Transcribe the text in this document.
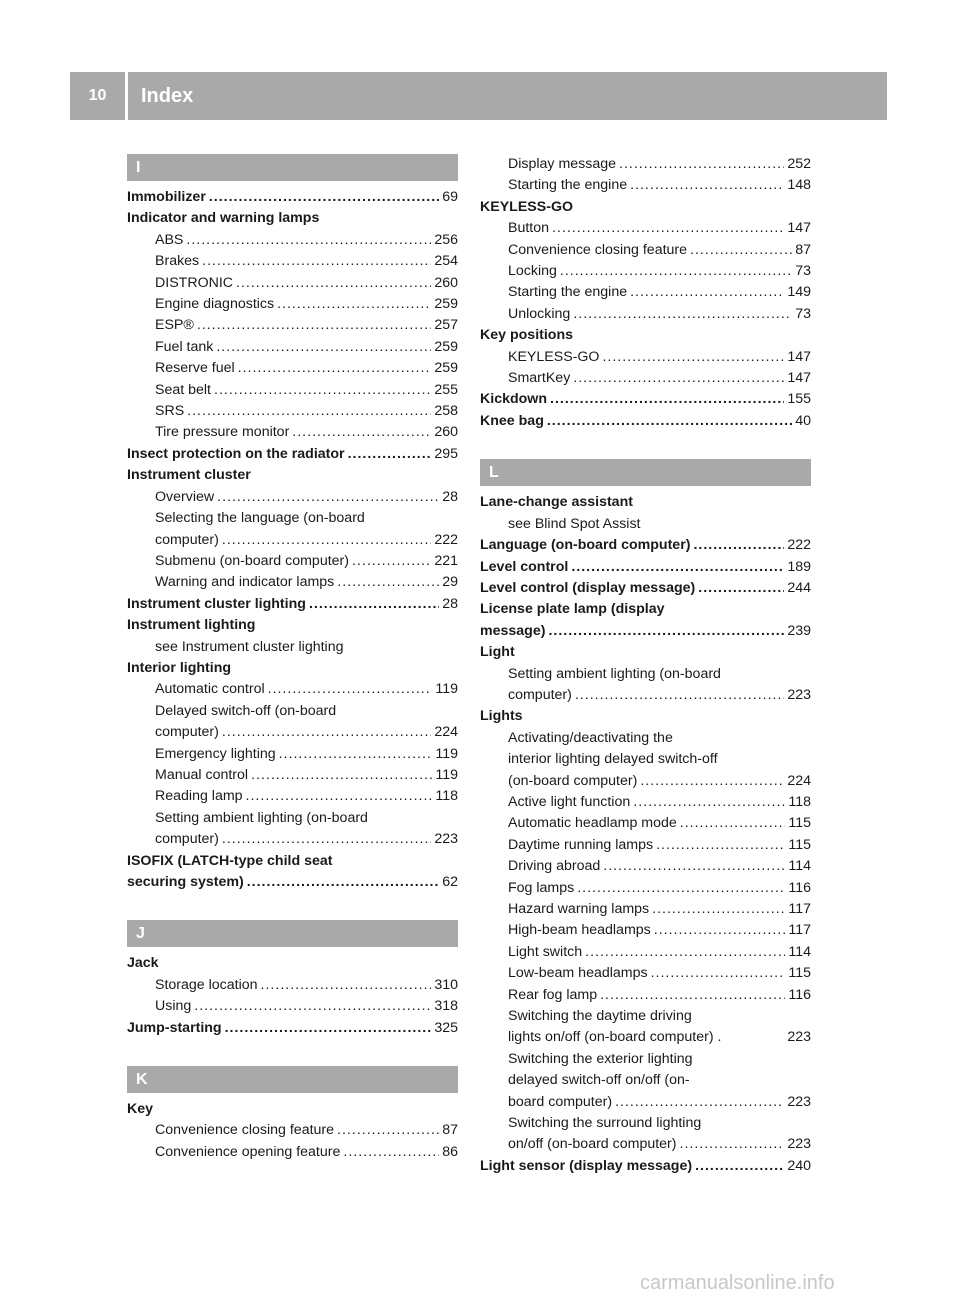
10	Index
I
Immobilizer .....	69
Indicator and warning lamps
ABS .....	256
Brakes .....	254
DISTRONIC .....	260
Engine diagnostics .....	259
ESP® .....	257
Fuel tank .....	259
Reserve fuel .....	259
Seat belt .....	255
SRS .....	258
Tire pressure monitor .....	260
Insect protection on the radiator .....	295
Instrument cluster
Overview .....	28
Selecting the language (on-board
computer) .....	222
Submenu (on-board computer) .....	221
Warning and indicator lamps .....	29
Instrument cluster lighting .....	28
Instrument lighting
see Instrument cluster lighting
Interior lighting
Automatic control .....	119
Delayed switch-off (on-board
computer) .....	224
Emergency lighting .....	119
Manual control .....	119
Reading lamp .....	118
Setting ambient lighting (on-board
computer) .....	223
ISOFIX (LATCH-type child seat
securing system) .....	62
J
Jack
Storage location .....	310
Using .....	318
Jump-starting .....	325
K
Key
Convenience closing feature .....	87
Convenience opening feature .....	86
Display message .....	252
Starting the engine .....	148
KEYLESS-GO
Button .....	147
Convenience closing feature .....	87
Locking .....	73
Starting the engine .....	149
Unlocking .....	73
Key positions
KEYLESS-GO .....	147
SmartKey .....	147
Kickdown .....	155
Knee bag .....	40
L
Lane-change assistant
see Blind Spot Assist
Language (on-board computer) .....	222
Level control .....	189
Level control (display message) .....	244
License plate lamp (display
message) .....	239
Light
Setting ambient lighting (on-board
computer) .....	223
Lights
Activating/deactivating the
interior lighting delayed switch-off
(on-board computer) .....	224
Active light function .....	118
Automatic headlamp mode .....	115
Daytime running lamps .....	115
Driving abroad .....	114
Fog lamps .....	116
Hazard warning lamps .....	117
High-beam headlamps .....	117
Light switch .....	114
Low-beam headlamps .....	115
Rear fog lamp .....	116
Switching the daytime driving
lights on/off (on-board computer) .	223
Switching the exterior lighting
delayed switch-off on/off (on-
board computer) .....	223
Switching the surround lighting
on/off (on-board computer) .....	223
Light sensor (display message) .....	240
carmanualsonline.info
